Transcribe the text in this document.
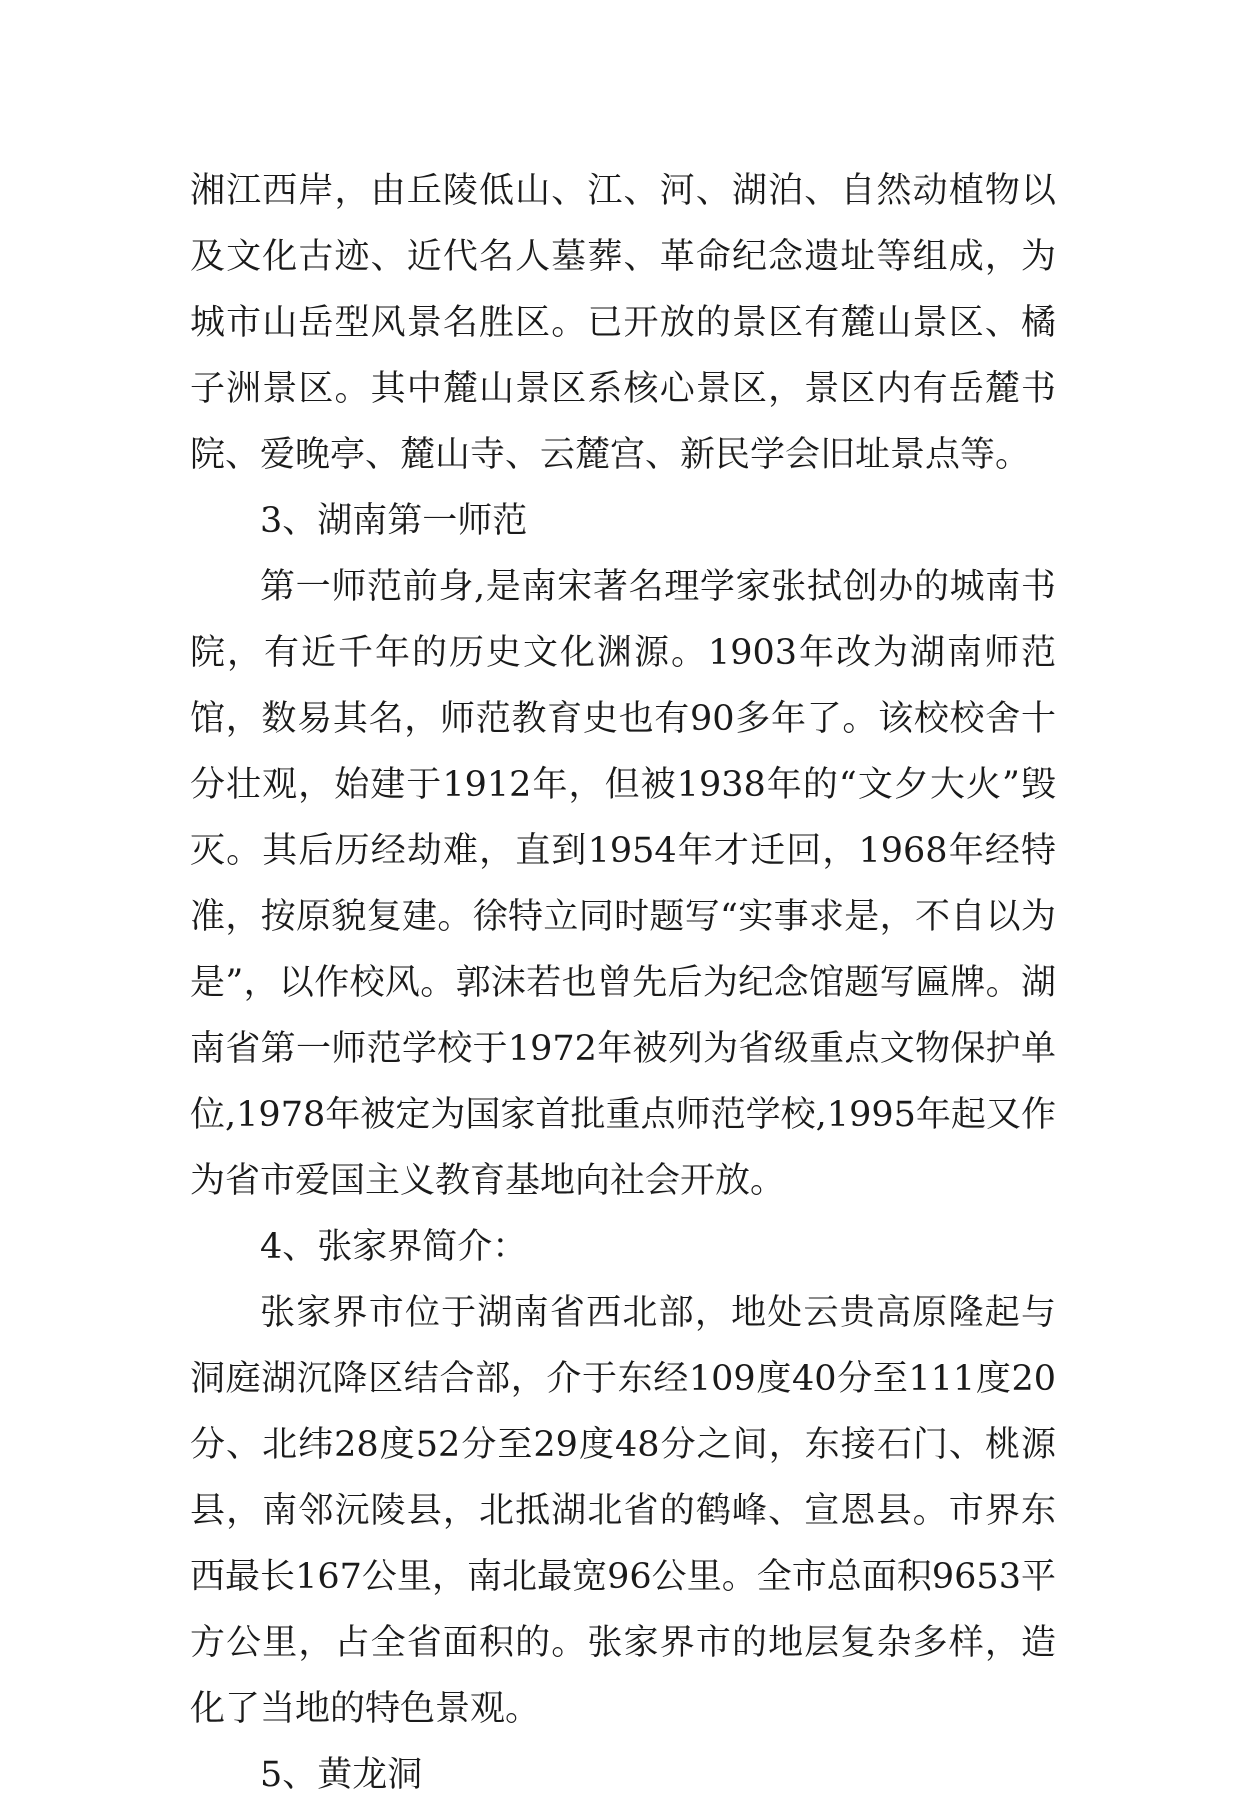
湘江西岸，由丘陵低山、江、河、湖泊、自然动植物以及文化古迹、近代名人墓葬、革命纪念遗址等组成，为城市山岳型风景名胜区。已开放的景区有麓山景区、橘子洲景区。其中麓山景区系核心景区，景区内有岳麓书院、爱晚亭、麓山寺、云麓宫、新民学会旧址景点等。

3、湖南第一师范

第一师范前身,是南宋著名理学家张拭创办的城南书院，有近千年的历史文化渊源。1903年改为湖南师范馆，数易其名，师范教育史也有90多年了。该校校舍十分壮观，始建于1912年，但被1938年的“文夕大火”毁灭。其后历经劫难，直到1954年才迁回，1968年经特准，按原貌复建。徐特立同时题写“实事求是，不自以为是”，以作校风。郭沫若也曾先后为纪念馆题写匾牌。湖南省第一师范学校于1972年被列为省级重点文物保护单位,1978年被定为国家首批重点师范学校,1995年起又作为省市爱国主义教育基地向社会开放。

4、张家界简介：

张家界市位于湖南省西北部，地处云贵高原隆起与洞庭湖沉降区结合部，介于东经109度40分至111度20分、北纬28度52分至29度48分之间，东接石门、桃源县，南邻沅陵县，北抵湖北省的鹤峰、宣恩县。市界东西最长167公里，南北最宽96公里。全市总面积9653平方公里，占全省面积的。张家界市的地层复杂多样，造化了当地的特色景观。

5、黄龙洞
